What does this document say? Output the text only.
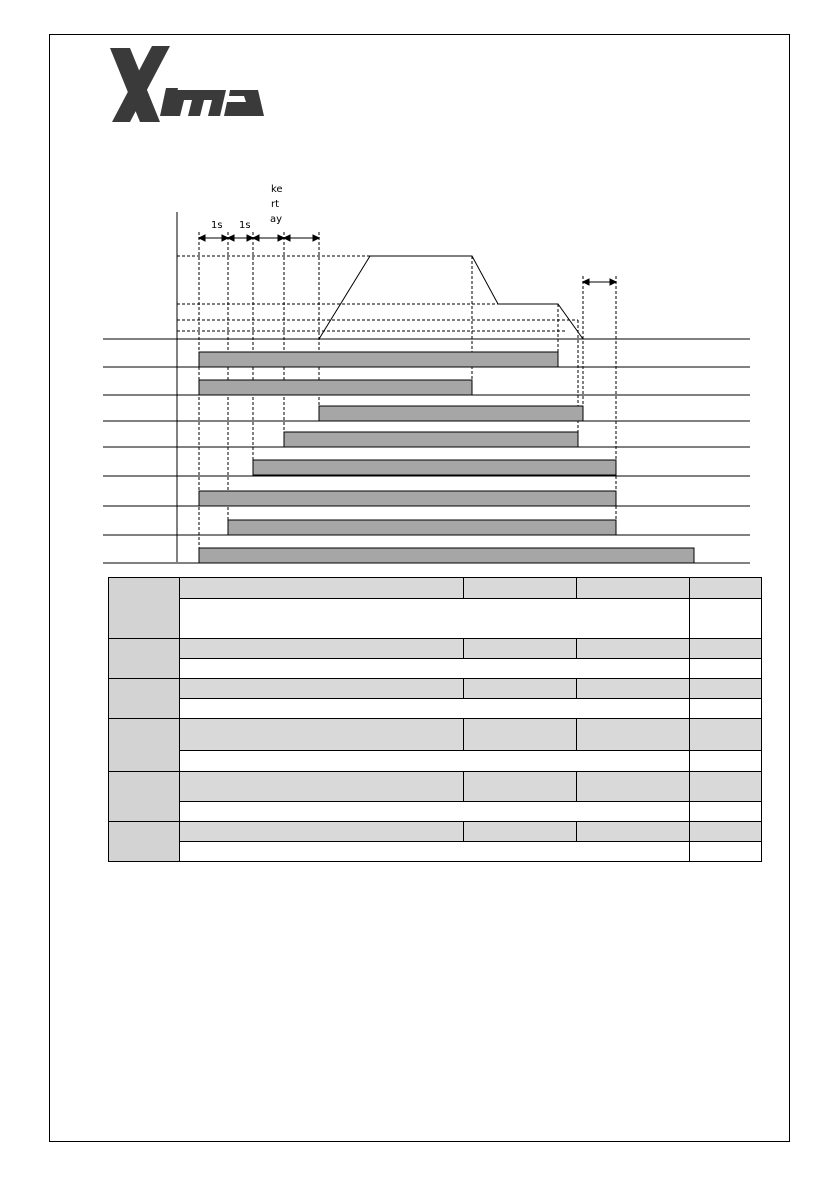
1s 1s
ke
rt
ay
